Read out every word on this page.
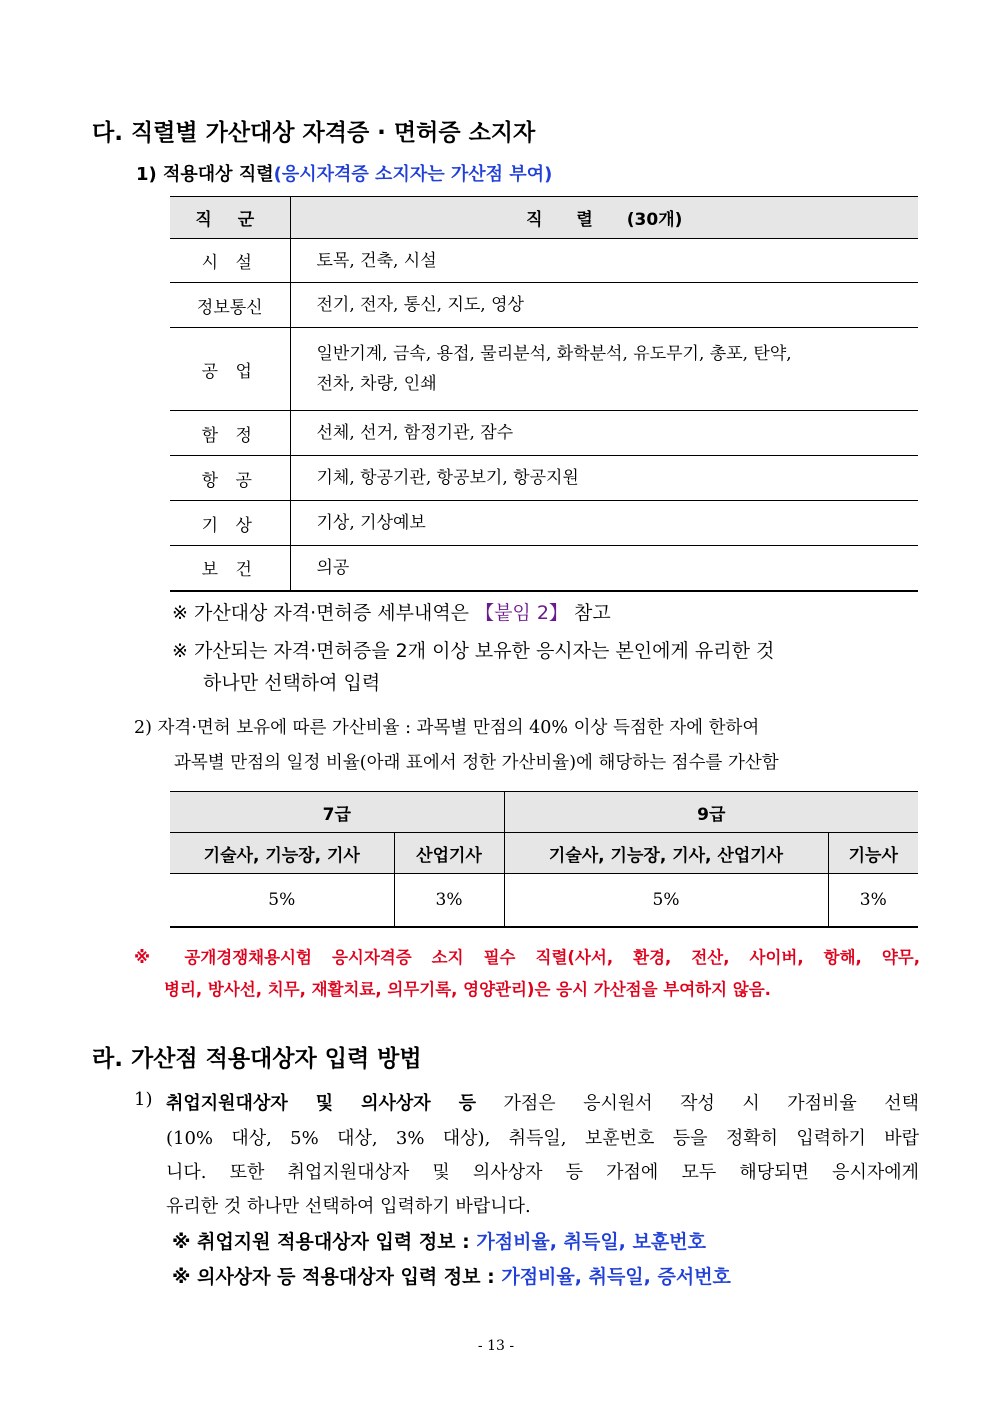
다. 직렬별 가산대상 자격증 · 면허증 소지자
1) 적용대상 직렬(응시자격증 소지자는 가산점 부여)
직 군	직 렬 (30개)
시 설	토목, 건축, 시설
정보통신	전기, 전자, 통신, 지도, 영상
공 업	일반기계, 금속, 용접, 물리분석, 화학분석, 유도무기, 총포, 탄약,
전차, 차량, 인쇄

함 정	선체, 선거, 함정기관, 잠수
항 공	기체, 항공기관, 항공보기, 항공지원
기 상	기상, 기상예보
보 건	의공
※ 가산대상 자격·면허증 세부내역은 【붙임 2】 참고
※ 가산되는 자격·면허증을 2개 이상 보유한 응시자는 본인에게 유리한 것
하나만 선택하여 입력
2) 자격·면허 보유에 따른 가산비율 : 과목별 만점의 40% 이상 득점한 자에 한하여
과목별 만점의 일정 비율(아래 표에서 정한 가산비율)에 해당하는 점수를 가산함
7급		9급	
기술사, 기능장, 기사	산업기사	기술사, 기능장, 기사, 산업기사	기능사
5%	3%	5%	3%
※ 공개경쟁채용시험 응시자격증 소지 필수 직렬(사서, 환경, 전산, 사이버, 항해, 약무,
병리, 방사선, 치무, 재활치료, 의무기록, 영양관리)은 응시 가산점을 부여하지 않음.
라. 가산점 적용대상자 입력 방법
1) 취업지원대상자 및 의사상자 등 가점은 응시원서 작성 시 가점비율 선택
(10% 대상, 5% 대상, 3% 대상), 취득일, 보훈번호 등을 정확히 입력하기 바랍
니다. 또한 취업지원대상자 및 의사상자 등 가점에 모두 해당되면 응시자에게
유리한 것 하나만 선택하여 입력하기 바랍니다.
※ 취업지원 적용대상자 입력 정보 : 가점비율, 취득일, 보훈번호
※ 의사상자 등 적용대상자 입력 정보 : 가점비율, 취득일, 증서번호
- 13 -
